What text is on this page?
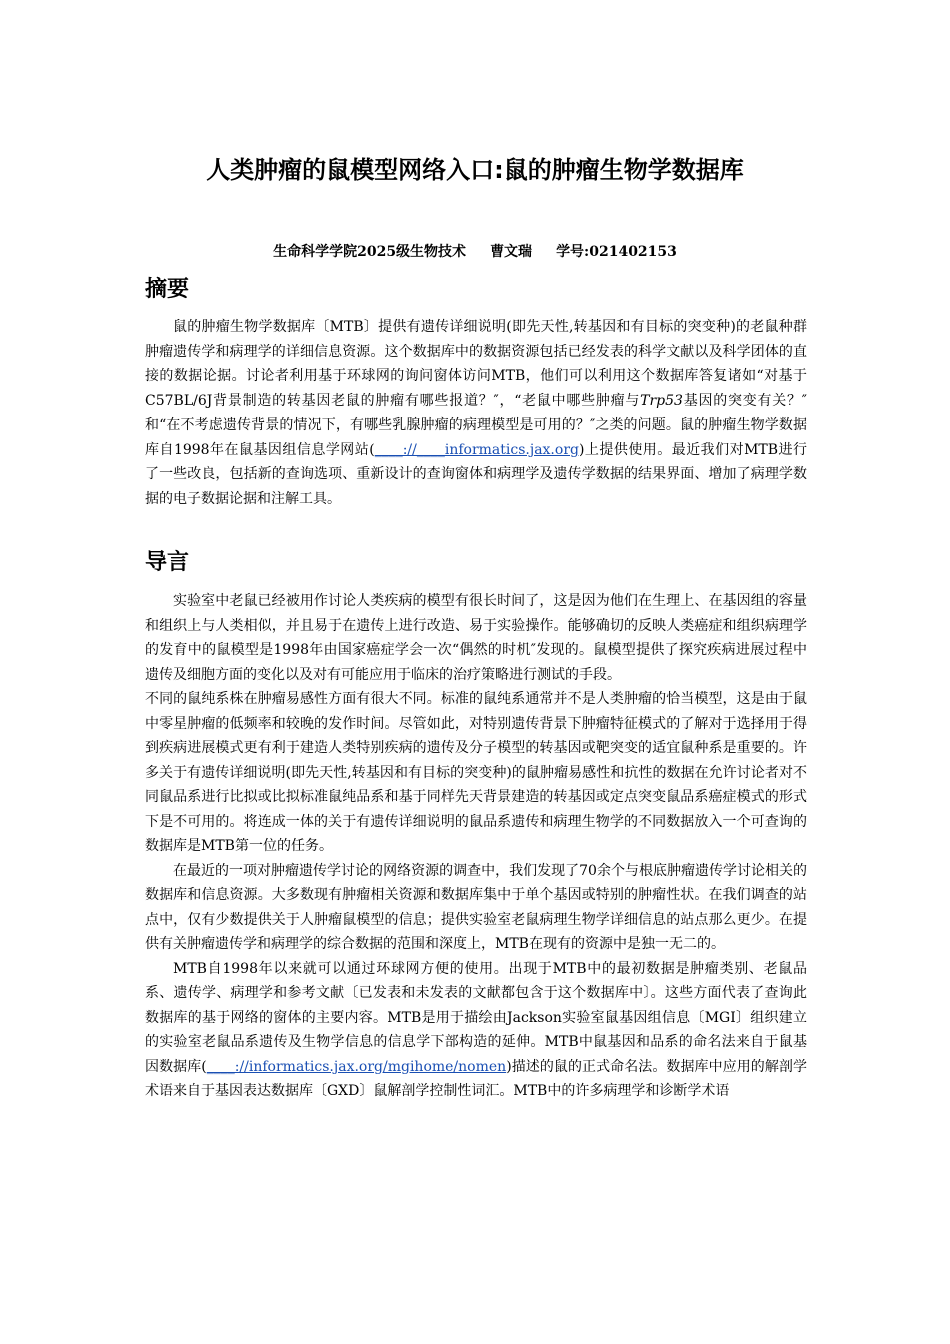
人类肿瘤的鼠模型网络入口:鼠的肿瘤生物学数据库
生命科学学院2025级生物技术 曹文瑞 学号:021402153
摘要

鼠的肿瘤生物学数据库〔MTB〕提供有遗传详细说明(即先天性,转基因和有目标的突变种)的老鼠种群肿瘤遗传学和病理学的详细信息资源。这个数据库中的数据资源包括已经发表的科学文献以及科学团体的直接的数据论据。讨论者利用基于环球网的询问窗体访问MTB，他们可以利用这个数据库答复诸如“对基于C57BL/6J背景制造的转基因老鼠的肿瘤有哪些报道？″，“老鼠中哪些肿瘤与Trp53基因的突变有关？″和“在不考虑遗传背景的情况下，有哪些乳腺肿瘤的病理模型是可用的？″之类的问题。鼠的肿瘤生物学数据库自1998年在鼠基因组信息学网站(____://____informatics.jax.org)上提供使用。最近我们对MTB进行了一些改良，包括新的查询选项、重新设计的查询窗体和病理学及遗传学数据的结果界面、增加了病理学数据的电子数据论据和注解工具。

导言

实验室中老鼠已经被用作讨论人类疾病的模型有很长时间了，这是因为他们在生理上、在基因组的容量和组织上与人类相似，并且易于在遗传上进行改造、易于实验操作。能够确切的反映人类癌症和组织病理学的发育中的鼠模型是1998年由国家癌症学会一次“偶然的时机″发现的。鼠模型提供了探究疾病进展过程中遗传及细胞方面的变化以及对有可能应用于临床的治疗策略进行测试的手段。

不同的鼠纯系株在肿瘤易感性方面有很大不同。标准的鼠纯系通常并不是人类肿瘤的恰当模型，这是由于鼠中零星肿瘤的低频率和较晚的发作时间。尽管如此，对特别遗传背景下肿瘤特征模式的了解对于选择用于得到疾病进展模式更有利于建造人类特别疾病的遗传及分子模型的转基因或靶突变的适宜鼠种系是重要的。许多关于有遗传详细说明(即先天性,转基因和有目标的突变种)的鼠肿瘤易感性和抗性的数据在允许讨论者对不同鼠品系进行比拟或比拟标准鼠纯品系和基于同样先天背景建造的转基因或定点突变鼠品系癌症模式的形式下是不可用的。将连成一体的关于有遗传详细说明的鼠品系遗传和病理生物学的不同数据放入一个可查询的数据库是MTB第一位的任务。

在最近的一项对肿瘤遗传学讨论的网络资源的调查中，我们发现了70余个与根底肿瘤遗传学讨论相关的数据库和信息资源。大多数现有肿瘤相关资源和数据库集中于单个基因或特别的肿瘤性状。在我们调查的站点中，仅有少数提供关于人肿瘤鼠模型的信息；提供实验室老鼠病理生物学详细信息的站点那么更少。在提供有关肿瘤遗传学和病理学的综合数据的范围和深度上，MTB在现有的资源中是独一无二的。

MTB自1998年以来就可以通过环球网方便的使用。出现于MTB中的最初数据是肿瘤类别、老鼠品系、遗传学、病理学和参考文献〔已发表和未发表的文献都包含于这个数据库中〕。这些方面代表了查询此数据库的基于网络的窗体的主要内容。MTB是用于描绘由Jackson实验室鼠基因组信息〔MGI〕组织建立的实验室老鼠品系遗传及生物学信息的信息学下部构造的延伸。MTB中鼠基因和品系的命名法来自于鼠基因数据库(____://informatics.jax.org/mgihome/nomen)描述的鼠的正式命名法。数据库中应用的解剖学术语来自于基因表达数据库〔GXD〕鼠解剖学控制性词汇。MTB中的许多病理学和诊断学术语
